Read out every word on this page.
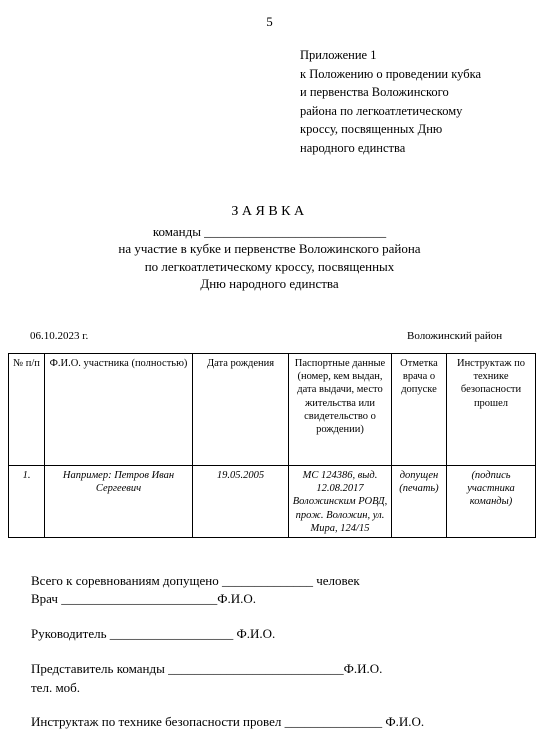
5
Приложение 1
к Положению о проведении кубка
и первенства Воложинского
района по легкоатлетическому
кроссу, посвященных Дню
народного единства
ЗАЯВКА
команды ____________________________
на участие в кубке и первенстве Воложинского района
по легкоатлетическому кроссу, посвященных
Дню народного единства
06.10.2023 г.	Воложинский район
№ п/п	Ф.И.О. участника (полностью)	Дата рождения	Паспортные данные (номер, кем выдан, дата выдачи, место жительства или свидетельство о рождении)	Отметка врача о допуске	Инструктаж по технике безопасности прошел
1.	Например: Петров Иван Сергеевич	19.05.2005	МС 124386, выд. 12.08.2017 Воложинским РОВД, прож. Воложин, ул. Мира, 124/15	допущен (печать)	(подпись участника команды)
Всего к соревнованиям допущено ______________ человек
Врач ________________________Ф.И.О.
Руководитель ___________________ Ф.И.О.
Представитель команды ___________________________Ф.И.О.
тел. моб.
Инструктаж по технике безопасности провел _______________ Ф.И.О.
